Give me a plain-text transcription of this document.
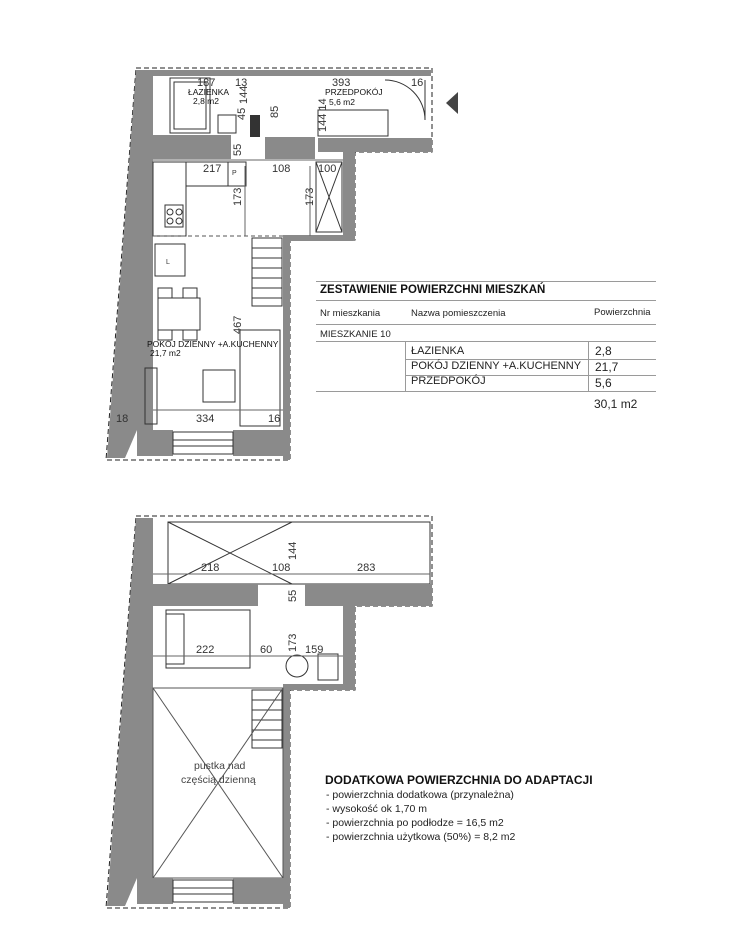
187 13	393	16
144
45 85	144 14
55
217	108	100
173	173
467
18	334	16
P
L
ŁAZIENKA
2,8 m2
PRZEDPOKÓJ
5,6 m2
POKÓJ DZIENNY +A.KUCHENNY
21,7 m2
218	108	283
144
55
222	60 173 159
pustka nad
częścią dzienną
ZESTAWIENIE POWIERZCHNI MIESZKAŃ
Nr mieszkania	Nazwa pomieszczenia	Powierzchnia
MIESZKANIE 10
ŁAZIENKA	2,8
POKÓJ DZIENNY +A.KUCHENNY 21,7
PRZEDPOKÓJ	5,6
30,1 m2
DODATKOWA POWIERZCHNIA DO ADAPTACJI
- powierzchnia dodatkowa (przynależna)
- wysokość ok 1,70 m
- powierzchnia po podłodze = 16,5 m2
- powierzchnia użytkowa (50%) = 8,2 m2
